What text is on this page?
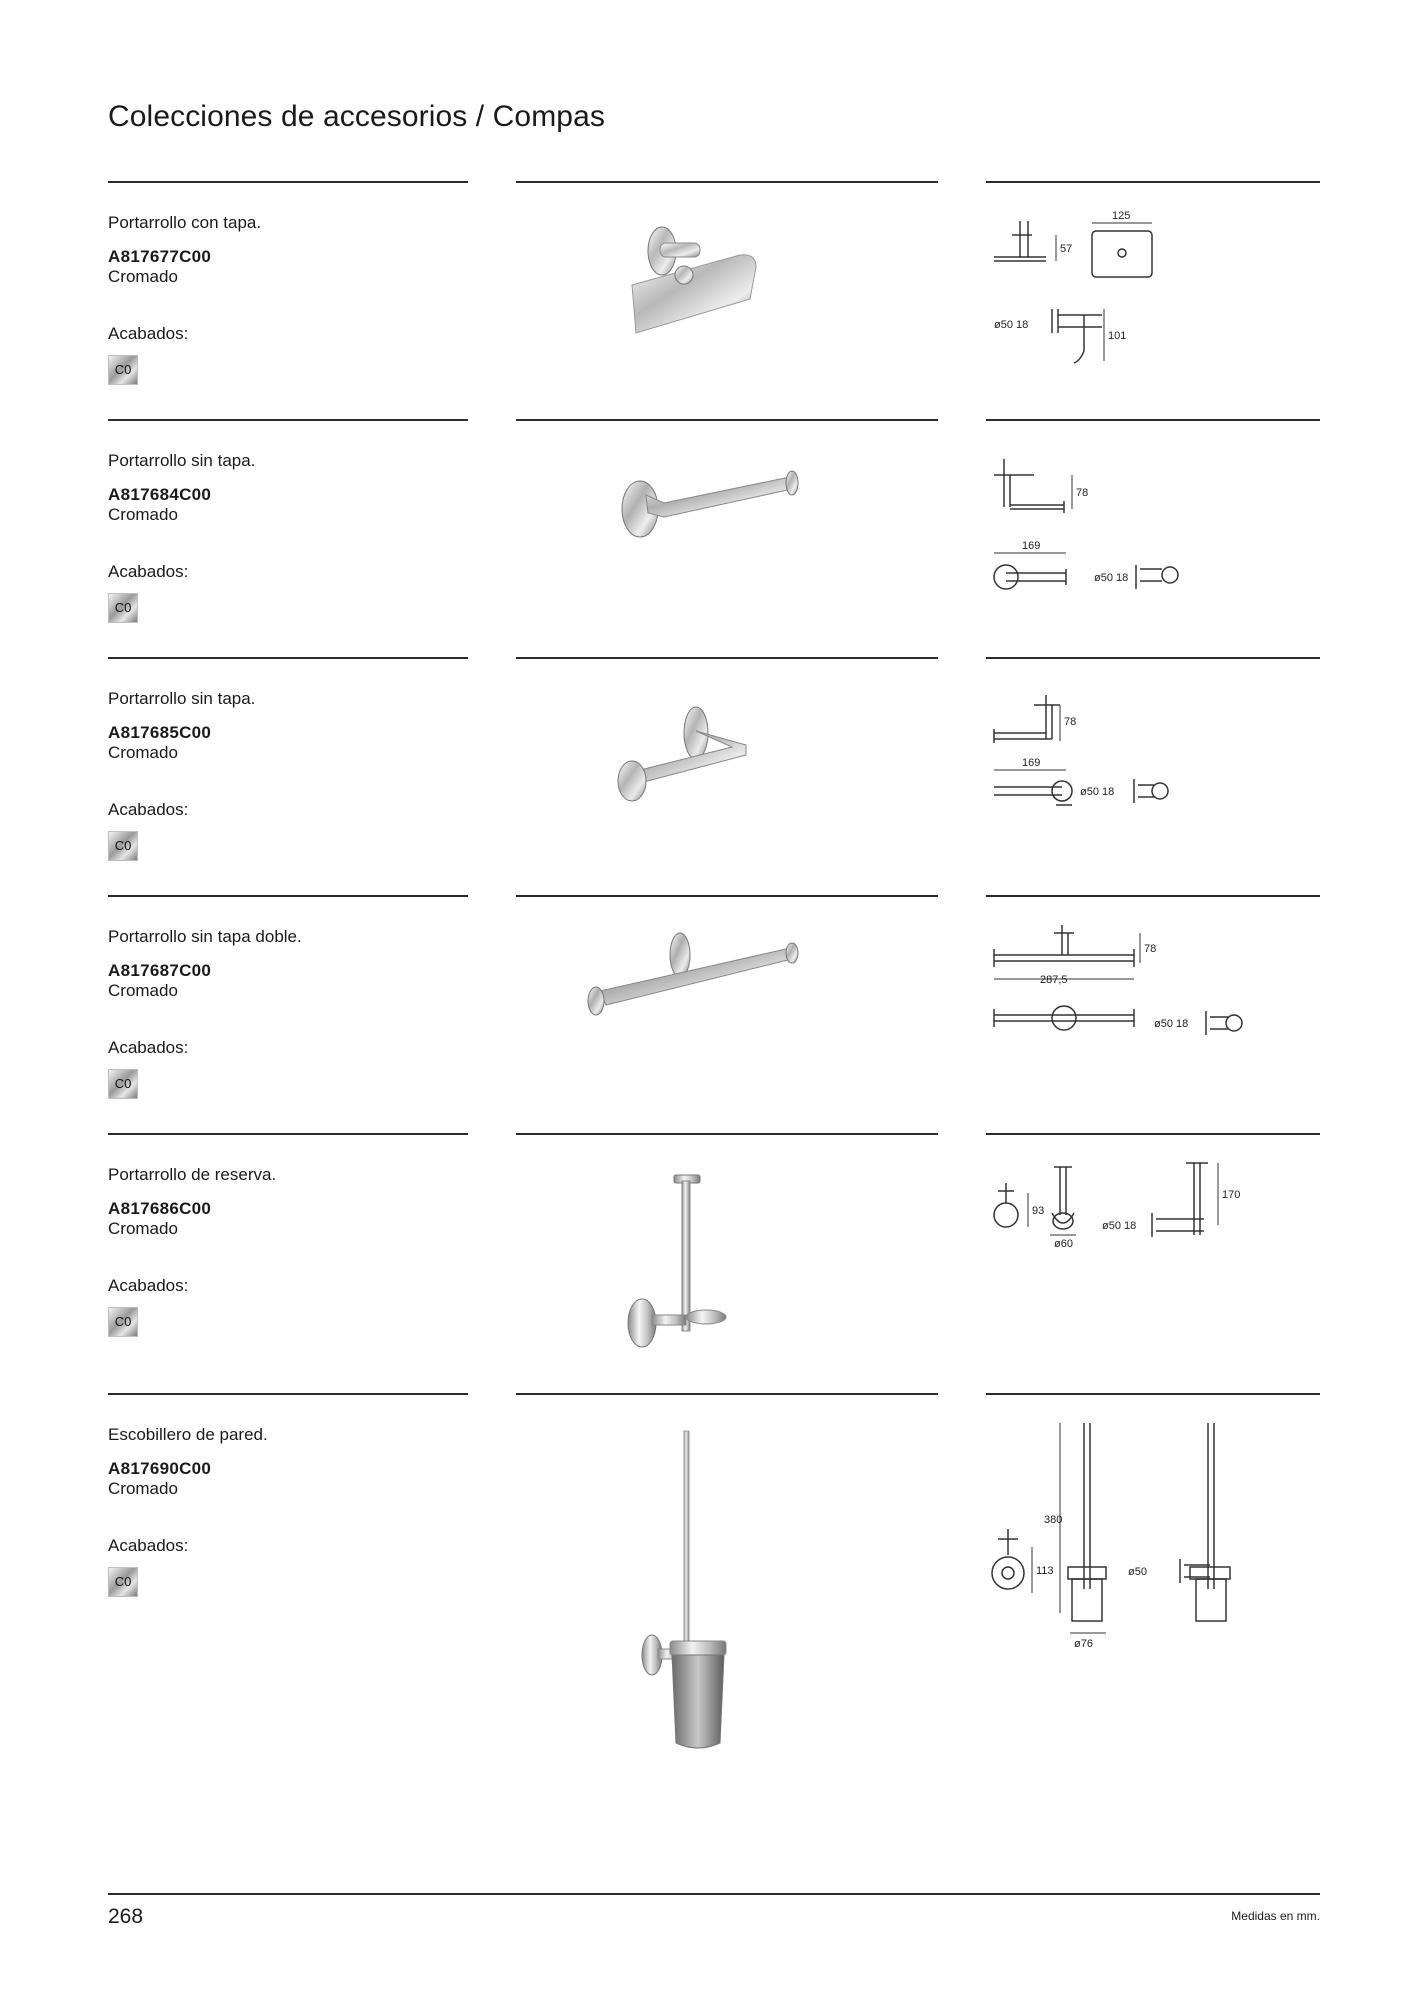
Colecciones de accesorios / Compas
Portarrollo con tapa.
A817677C00
Cromado
Acabados:
C0
57
125
ø50 18
101
Portarrollo sin tapa.
A817684C00
Cromado
Acabados:
C0
78
169
ø50 18
Portarrollo sin tapa.
A817685C00
Cromado
Acabados:
C0
78
169
ø50 18
Portarrollo sin tapa doble.
A817687C00
Cromado
Acabados:
C0
78
287,5
ø50 18
Portarrollo de reserva.
A817686C00
Cromado
Acabados:
C0
93
ø60
ø50 18
170
Escobillero de pared.
A817690C00
Cromado
Acabados:
C0
113
380
ø76
ø50
268	Medidas en mm.
